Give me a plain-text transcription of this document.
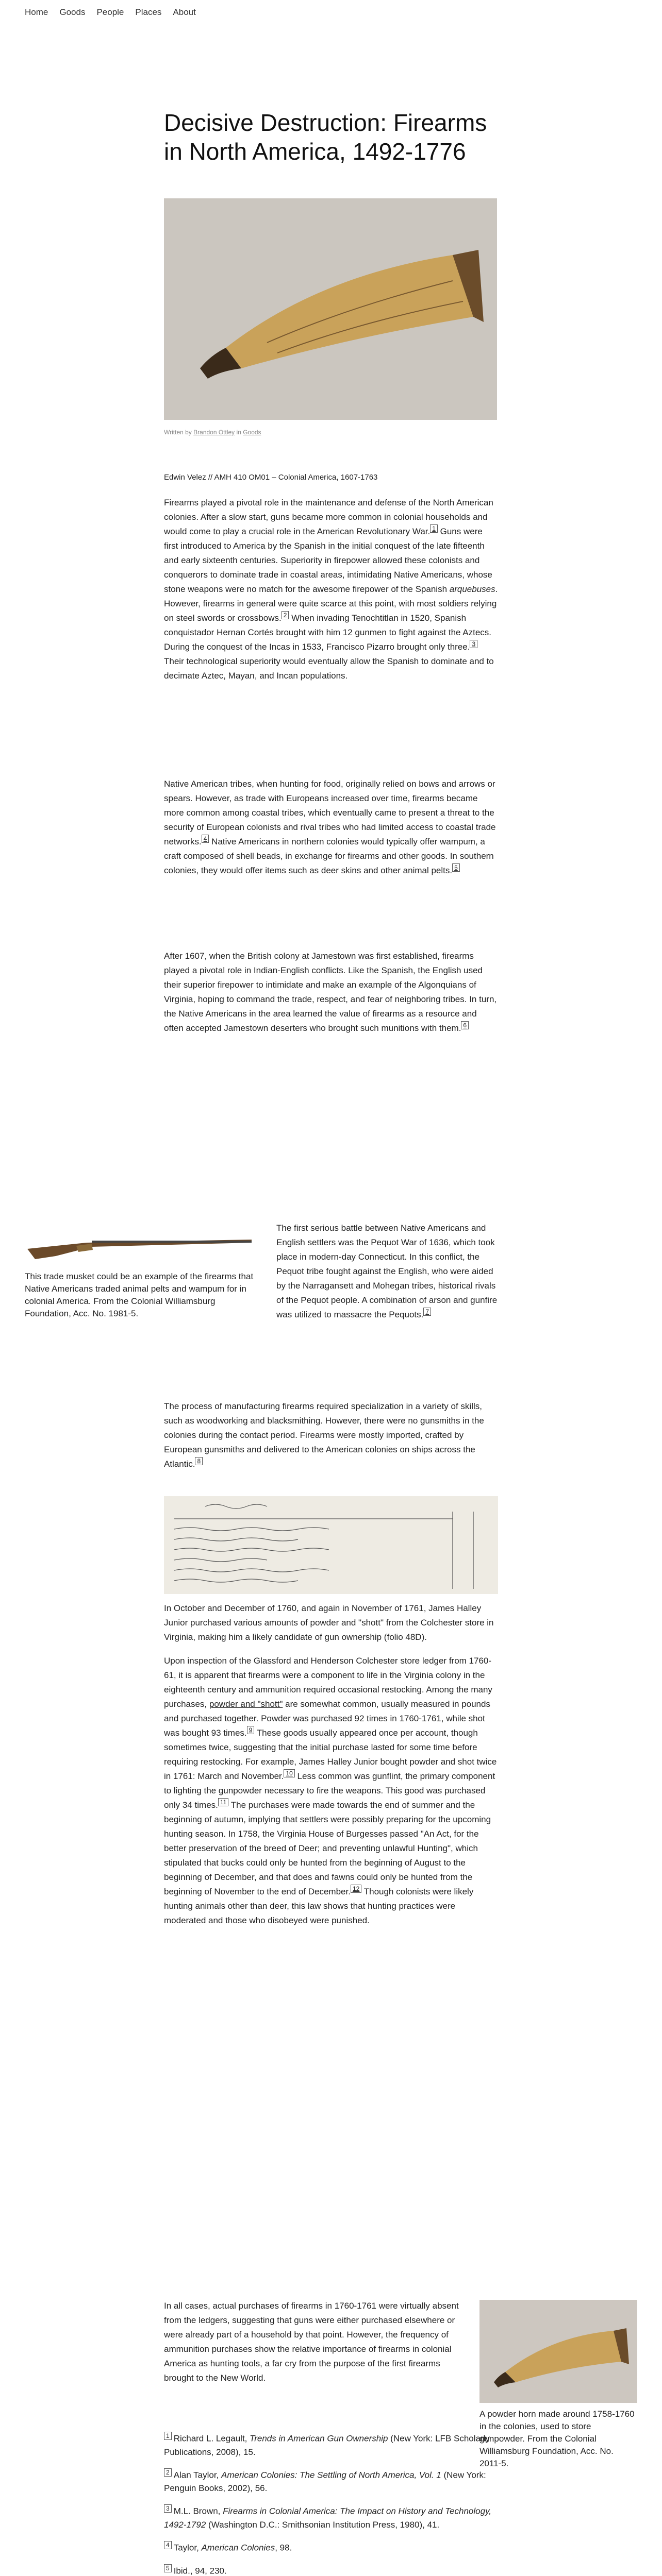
Home Goods People Places About
Decisive Destruction: Firearms in North America, 1492-1776
Written by Brandon Ottley in Goods

Edwin Velez // AMH 410 OM01 – Colonial America, 1607-1763

Firearms played a pivotal role in the maintenance and defense of the North American colonies. After a slow start, guns became more common in colonial households and would come to play a crucial role in the American Revolutionary War. 1 Guns were first introduced to America by the Spanish in the initial conquest of the late fifteenth and early sixteenth centuries. Superiority in firepower allowed these colonists and conquerors to dominate trade in coastal areas, intimidating Native Americans, whose stone weapons were no match for the awesome firepower of the Spanish arquebuses. However, firearms in general were quite scarce at this point, with most soldiers relying on steel swords or crossbows. 2 When invading Tenochtitlan in 1520, Spanish conquistador Hernan Cortés brought with him 12 gunmen to fight against the Aztecs. During the conquest of the Incas in 1533, Francisco Pizarro brought only three. 3 Their technological superiority would eventually allow the Spanish to dominate and to decimate Aztec, Mayan, and Incan populations.

Native American tribes, when hunting for food, originally relied on bows and arrows or spears. However, as trade with Europeans increased over time, firearms became more common among coastal tribes, which eventually came to present a threat to the security of European colonists and rival tribes who had limited access to coastal trade networks. 4 Native Americans in northern colonies would typically offer wampum, a craft composed of shell beads, in exchange for firearms and other goods. In southern colonies, they would offer items such as deer skins and other animal pelts. 5

After 1607, when the British colony at Jamestown was first established, firearms played a pivotal role in Indian-English conflicts. Like the Spanish, the English used their superior firepower to intimidate and make an example of the Algonquians of Virginia, hoping to command the trade, respect, and fear of neighboring tribes. In turn, the Native Americans in the area learned the value of firearms as a resource and often accepted Jamestown deserters who brought such munitions with them. 6

This trade musket could be an example of the firearms that Native Americans traded animal pelts and wampum for in colonial America. From the Colonial Williamsburg Foundation, Acc. No. 1981-5.

The first serious battle between Native Americans and English settlers was the Pequot War of 1636, which took place in modern-day Connecticut. In this conflict, the Pequot tribe fought against the English, who were aided by the Narragansett and Mohegan tribes, historical rivals of the Pequot people. A combination of arson and gunfire was utilized to massacre the Pequots. 7

The process of manufacturing firearms required specialization in a variety of skills, such as woodworking and blacksmithing. However, there were no gunsmiths in the colonies during the contact period. Firearms were mostly imported, crafted by European gunsmiths and delivered to the American colonies on ships across the Atlantic. 8

In October and December of 1760, and again in November of 1761, James Halley Junior purchased various amounts of powder and "shott" from the Colchester store in Virginia, making him a likely candidate of gun ownership (folio 48D).

Upon inspection of the Glassford and Henderson Colchester store ledger from 1760-61, it is apparent that firearms were a component to life in the Virginia colony in the eighteenth century and ammunition required occasional restocking. Among the many purchases, powder and "shott" are somewhat common, usually measured in pounds and purchased together. Powder was purchased 92 times in 1760-1761, while shot was bought 93 times. 9 These goods usually appeared once per account, though sometimes twice, suggesting that the initial purchase lasted for some time before requiring restocking. For example, James Halley Junior bought powder and shot twice in 1761: March and November. 10 Less common was gunflint, the primary component to lighting the gunpowder necessary to fire the weapons. This good was purchased only 34 times. 11 The purchases were made towards the end of summer and the beginning of autumn, implying that settlers were possibly preparing for the upcoming hunting season. In 1758, the Virginia House of Burgesses passed "An Act, for the better preservation of the breed of Deer; and preventing unlawful Hunting", which stipulated that bucks could only be hunted from the beginning of August to the beginning of December, and that does and fawns could only be hunted from the beginning of November to the end of December. 12 Though colonists were likely hunting animals other than deer, this law shows that hunting practices were moderated and those who disobeyed were punished.

In all cases, actual purchases of firearms in 1760-1761 were virtually absent from the ledgers, suggesting that guns were either purchased elsewhere or were already part of a household by that point. However, the frequency of ammunition purchases show the relative importance of firearms in colonial America as hunting tools, a far cry from the purpose of the first firearms brought to the New World.

A powder horn made around 1758-1760 in the colonies, used to store gunpowder. From the Colonial Williamsburg Foundation, Acc. No. 2011-5.
1 Richard L. Legault, Trends in American Gun Ownership (New York: LFB Scholarly Publications, 2008), 15.
2 Alan Taylor, American Colonies: The Settling of North America, Vol. 1 (New York: Penguin Books, 2002), 56.
3 M.L. Brown, Firearms in Colonial America: The Impact on History and Technology, 1492-1792 (Washington D.C.: Smithsonian Institution Press, 1980), 41.
4 Taylor, American Colonies, 98.
5 Ibid., 94, 230.
